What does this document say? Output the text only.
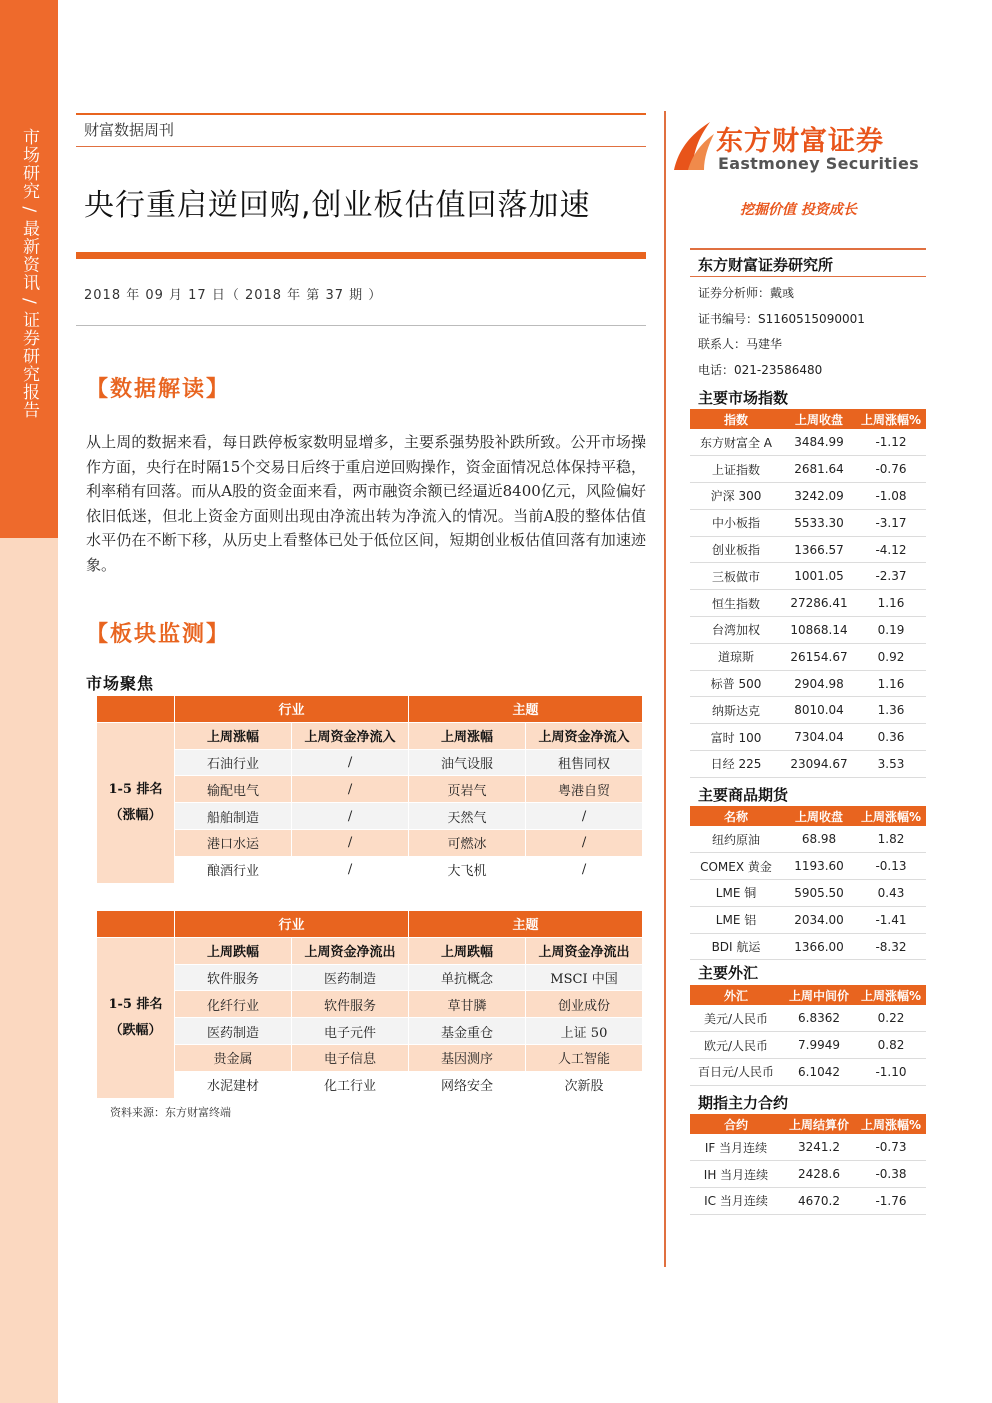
市场研究 / 最新资讯 / 证券研究报告	财富数据周刊
央行重启逆回购,创业板估值回落加速
2018 年 09 月 17 日（ 2018 年 第 37 期 ）
【数据解读】
从上周的数据来看，每日跌停板家数明显增多，主要系强势股补跌所致。公开市场操作方面，央行在时隔15个交易日后终于重启逆回购操作，资金面情况总体保持平稳，利率稍有回落。而从A股的资金面来看，两市融资余额已经逼近8400亿元，风险偏好依旧低迷，但北上资金方面则出现由净流出转为净流入的情况。当前A股的整体估值水平仍在不断下移，从历史上看整体已处于低位区间，短期创业板估值回落有加速迹象。
【板块监测】
市场聚焦
	行业		主题	

1-5 排名
（涨幅）	上周涨幅	上周资金净流入	上周涨幅	上周资金净流入
	石油行业	/	油气设服	租售同权
	输配电气	/	页岩气	粤港自贸
	船舶制造	/	天然气	/
	港口水运	/	可燃冰	/
	酿酒行业	/	大飞机	/
	行业		主题	

1-5 排名
（跌幅）	上周跌幅	上周资金净流出	上周跌幅	上周资金净流出
	软件服务	医药制造	单抗概念	MSCI 中国
	化纤行业	软件服务	草甘膦	创业成份
	医药制造	电子元件	基金重仓	上证 50
	贵金属	电子信息	基因测序	人工智能
	水泥建材	化工行业	网络安全	次新股
资料来源：东方财富终端
东方财富证券
Eastmoney Securities
挖掘价值 投资成长
东方财富证券研究所
证券分析师：戴彧
证书编号：S1160515090001
联系人：马建华
电话：021-23586480
主要市场指数
指数	上周收盘	上周涨幅%
东方财富全 A	3484.99	-1.12
上证指数	2681.64	-0.76
沪深 300	3242.09	-1.08
中小板指	5533.30	-3.17
创业板指	1366.57	-4.12
三板做市	1001.05	-2.37
恒生指数	27286.41	1.16
台湾加权	10868.14	0.19
道琼斯	26154.67	0.92
标普 500	2904.98	1.16
纳斯达克	8010.04	1.36
富时 100	7304.04	0.36
日经 225	23094.67	3.53
主要商品期货
名称	上周收盘	上周涨幅%
纽约原油	68.98	1.82
COMEX 黄金	1193.60	-0.13
LME 铜	5905.50	0.43
LME 铝	2034.00	-1.41
BDI 航运	1366.00	-8.32
主要外汇
外汇	上周中间价	上周涨幅%
美元/人民币	6.8362	0.22
欧元/人民币	7.9949	0.82
百日元/人民币	6.1042	-1.10
期指主力合约
合约	上周结算价	上周涨幅%
IF 当月连续	3241.2	-0.73
IH 当月连续	2428.6	-0.38
IC 当月连续	4670.2	-1.76
